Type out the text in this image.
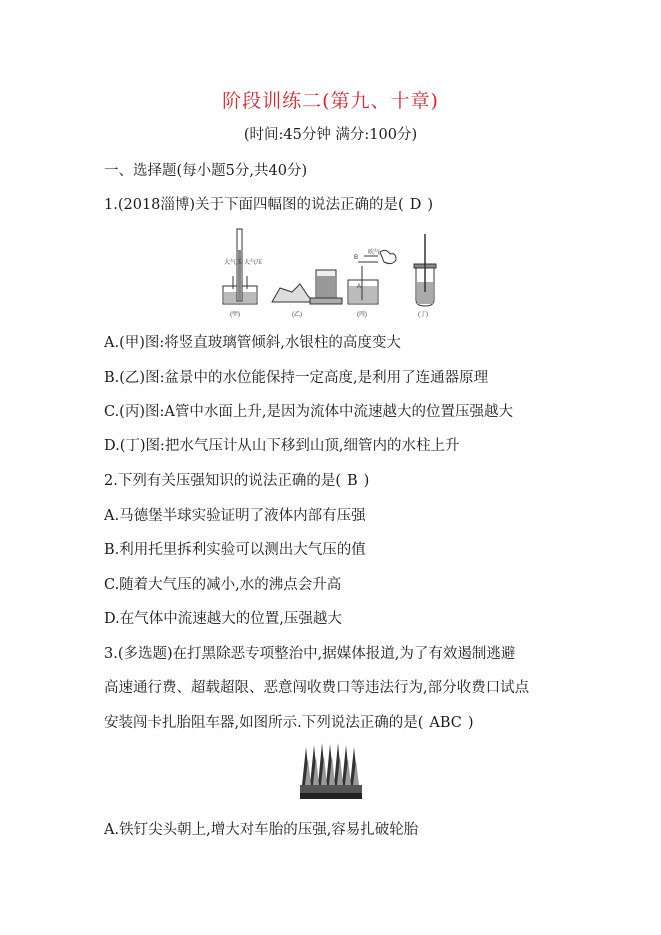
阶段训练二(第九、十章)
(时间:45分钟 满分:100分)
一、选择题(每小题5分,共40分)
1.(2018淄博)关于下面四幅图的说法正确的是( D )
大气压 大气压
B
A
吹气
(甲)	(乙)	(丙)	(丁)
A.(甲)图:将竖直玻璃管倾斜,水银柱的高度变大
B.(乙)图:盆景中的水位能保持一定高度,是利用了连通器原理
C.(丙)图:A管中水面上升,是因为流体中流速越大的位置压强越大
D.(丁)图:把水气压计从山下移到山顶,细管内的水柱上升
2.下列有关压强知识的说法正确的是( B )
A.马德堡半球实验证明了液体内部有压强
B.利用托里拆利实验可以测出大气压的值
C.随着大气压的减小,水的沸点会升高
D.在气体中流速越大的位置,压强越大
3.(多选题)在打黑除恶专项整治中,据媒体报道,为了有效遏制逃避
高速通行费、超载超限、恶意闯收费口等违法行为,部分收费口试点
安装闯卡扎胎阻车器,如图所示.下列说法正确的是( ABC )
A.铁钉尖头朝上,增大对车胎的压强,容易扎破轮胎
